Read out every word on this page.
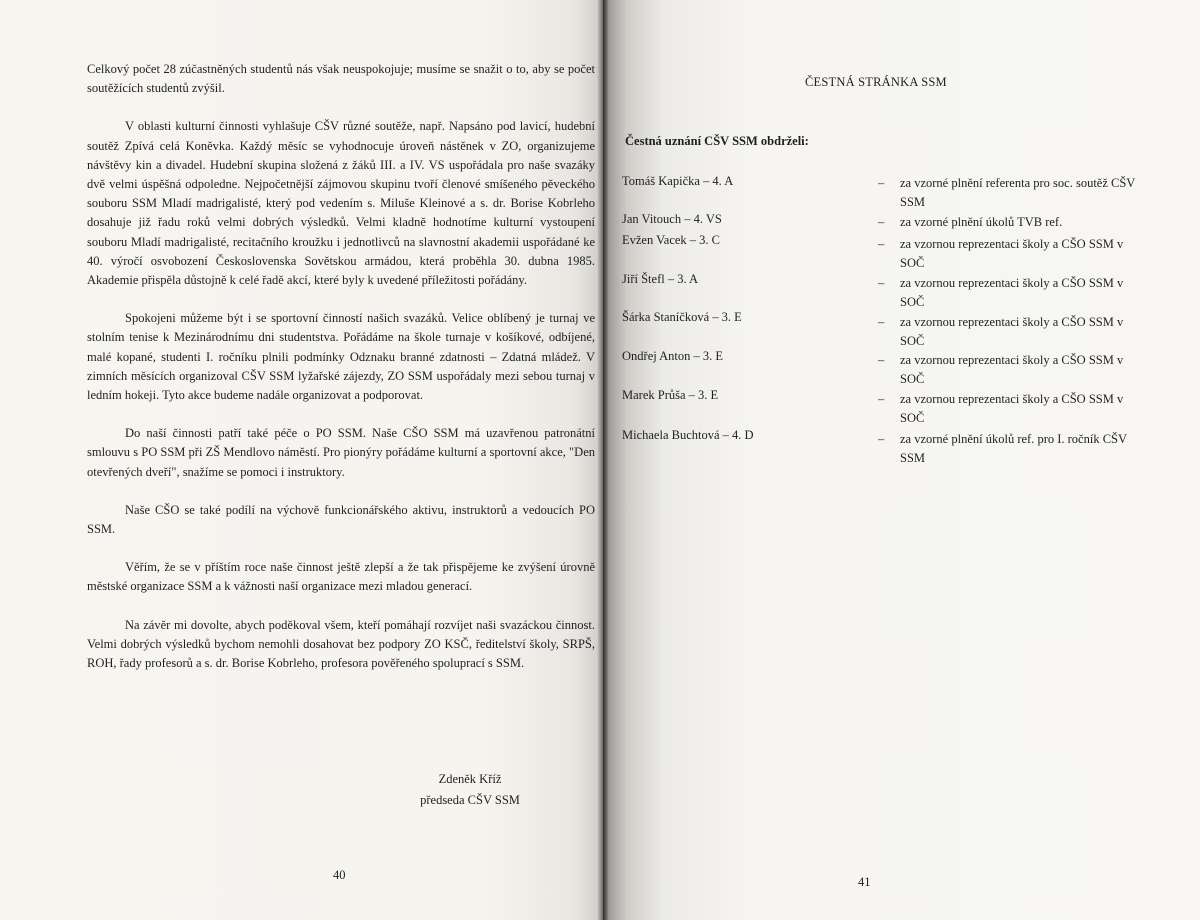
Celkový počet 28 zúčastněných studentů nás však neuspokojuje; musíme se snažit o to, aby se počet soutěžících studentů zvýšil.

V oblasti kulturní činnosti vyhlašuje CŠV různé soutěže, např. Napsáno pod lavicí, hudební soutěž Zpívá celá Koněvka. Každý měsíc se vyhodnocuje úroveň nástěnek v ZO, organizujeme návštěvy kin a divadel. Hudební skupina složená z žáků III. a IV. VS uspořádala pro naše svazáky dvě velmi úspěšná odpoledne. Nejpočetnější zájmovou skupinu tvoří členové smíšeného pěveckého souboru SSM Mladí madrigalisté, který pod vedením s. Miluše Kleinové a s. dr. Borise Kobrleho dosahuje již řadu roků velmi dobrých výsledků. Velmi kladně hodnotíme kulturní vystoupení souboru Mladí madrigalisté, recitačního kroužku i jednotlivců na slavnostní akademii uspořádané ke 40. výročí osvobození Československa Sovětskou armádou, která proběhla 30. dubna 1985. Akademie přispěla důstojně k celé řadě akcí, které byly k uvedené příležitosti pořádány.

Spokojeni můžeme být i se sportovní činností našich svazáků. Velice oblíbený je turnaj ve stolním tenise k Mezinárodnímu dni studentstva. Pořádáme na škole turnaje v košíkové, odbíjené, malé kopané, studenti I. ročníku plnili podmínky Odznaku branné zdatnosti – Zdatná mládež. V zimních měsících organizoval CŠV SSM lyžařské zájezdy, ZO SSM uspořádaly mezi sebou turnaj v ledním hokeji. Tyto akce budeme nadále organizovat a podporovat.

Do naší činnosti patří také péče o PO SSM. Naše CŠO SSM má uzavřenou patronátní smlouvu s PO SSM při ZŠ Mendlovo náměstí. Pro pionýry pořádáme kulturní a sportovní akce, "Den otevřených dveří", snažíme se pomoci i instruktory.

Naše CŠO se také podílí na výchově funkcionářského aktivu, instruktorů a vedoucích PO SSM.

Věřím, že se v příštím roce naše činnost ještě zlepší a že tak přispějeme ke zvýšení úrovně městské organizace SSM a k vážnosti naší organizace mezi mladou generací.

Na závěr mi dovolte, abych poděkoval všem, kteří pomáhají rozvíjet naši svazáckou činnost. Velmi dobrých výsledků bychom nemohli dosahovat bez podpory ZO KSČ, ředitelství školy, SRPŠ, ROH, řady profesorů a s. dr. Borise Kobrleho, profesora pověřeného spoluprací s SSM.

Zdeněk Kříž
předseda CŠV SSM
40
ČESTNÁ STRÁNKA SSM
Čestná uznání CŠV SSM obdrželi:
Tomáš Kapička – 4. A
Jan Vitouch – 4. VS
Evžen Vacek – 3. C
Jiří Štefl – 3. A
Šárka Staníčková – 3. E
Ondřej Anton – 3. E
Marek Průša – 3. E
Michaela Buchtová – 4. D
– za vzorné plnění referenta pro soc. soutěž CŠV SSM
– za vzorné plnění úkolů TVB ref.
– za vzornou reprezentaci školy a CŠO SSM v SOČ
– za vzornou reprezentaci školy a CŠO SSM v SOČ
– za vzornou reprezentaci školy a CŠO SSM v SOČ
– za vzornou reprezentaci školy a CŠO SSM v SOČ
– za vzornou reprezentaci školy a CŠO SSM v SOČ
– za vzorné plnění úkolů ref. pro I. ročník CŠV SSM
41
